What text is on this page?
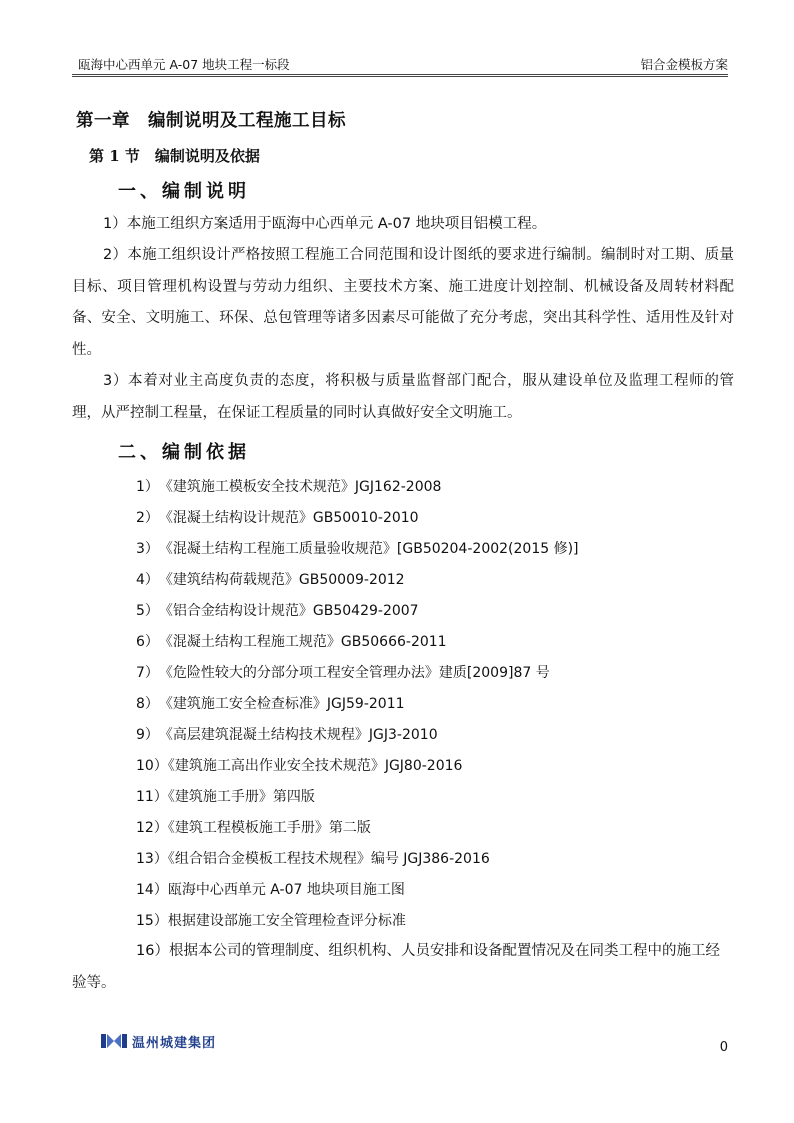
瓯海中心西单元 A-07 地块工程一标段	铝合金模板方案
第一章　编制说明及工程施工目标
第 1 节　编制说明及依据
一、编制说明
1）本施工组织方案适用于瓯海中心西单元 A-07 地块项目铝模工程。
2）本施工组织设计严格按照工程施工合同范围和设计图纸的要求进行编制。编制时对工期、质量目标、项目管理机构设置与劳动力组织、主要技术方案、施工进度计划控制、机械设备及周转材料配备、安全、文明施工、环保、总包管理等诸多因素尽可能做了充分考虑，突出其科学性、适用性及针对性。
3）本着对业主高度负责的态度，将积极与质量监督部门配合，服从建设单位及监理工程师的管理，从严控制工程量，在保证工程质量的同时认真做好安全文明施工。
二、编制依据
1）　《建筑施工模板安全技术规范》JGJ162-2008
2）　《混凝土结构设计规范》GB50010-2010
3）　《混凝土结构工程施工质量验收规范》[GB50204-2002(2015 修)]
4）　《建筑结构荷载规范》GB50009-2012
5）　《铝合金结构设计规范》GB50429-2007
6）　《混凝土结构工程施工规范》GB50666-2011
7）　《危险性较大的分部分项工程安全管理办法》建质[2009]87 号
8）　《建筑施工安全检查标准》JGJ59-2011
9）　《高层建筑混凝土结构技术规程》JGJ3-2010
10）《建筑施工高出作业安全技术规范》JGJ80-2016
11）《建筑施工手册》第四版
12）《建筑工程模板施工手册》第二版
13）《组合铝合金模板工程技术规程》编号 JGJ386-2016
14）瓯海中心西单元 A-07 地块项目施工图
15）根据建设部施工安全管理检查评分标准
16）根据本公司的管理制度、组织机构、人员安排和设备配置情况及在同类工程中的施工经验等。
温州城建集团	0
